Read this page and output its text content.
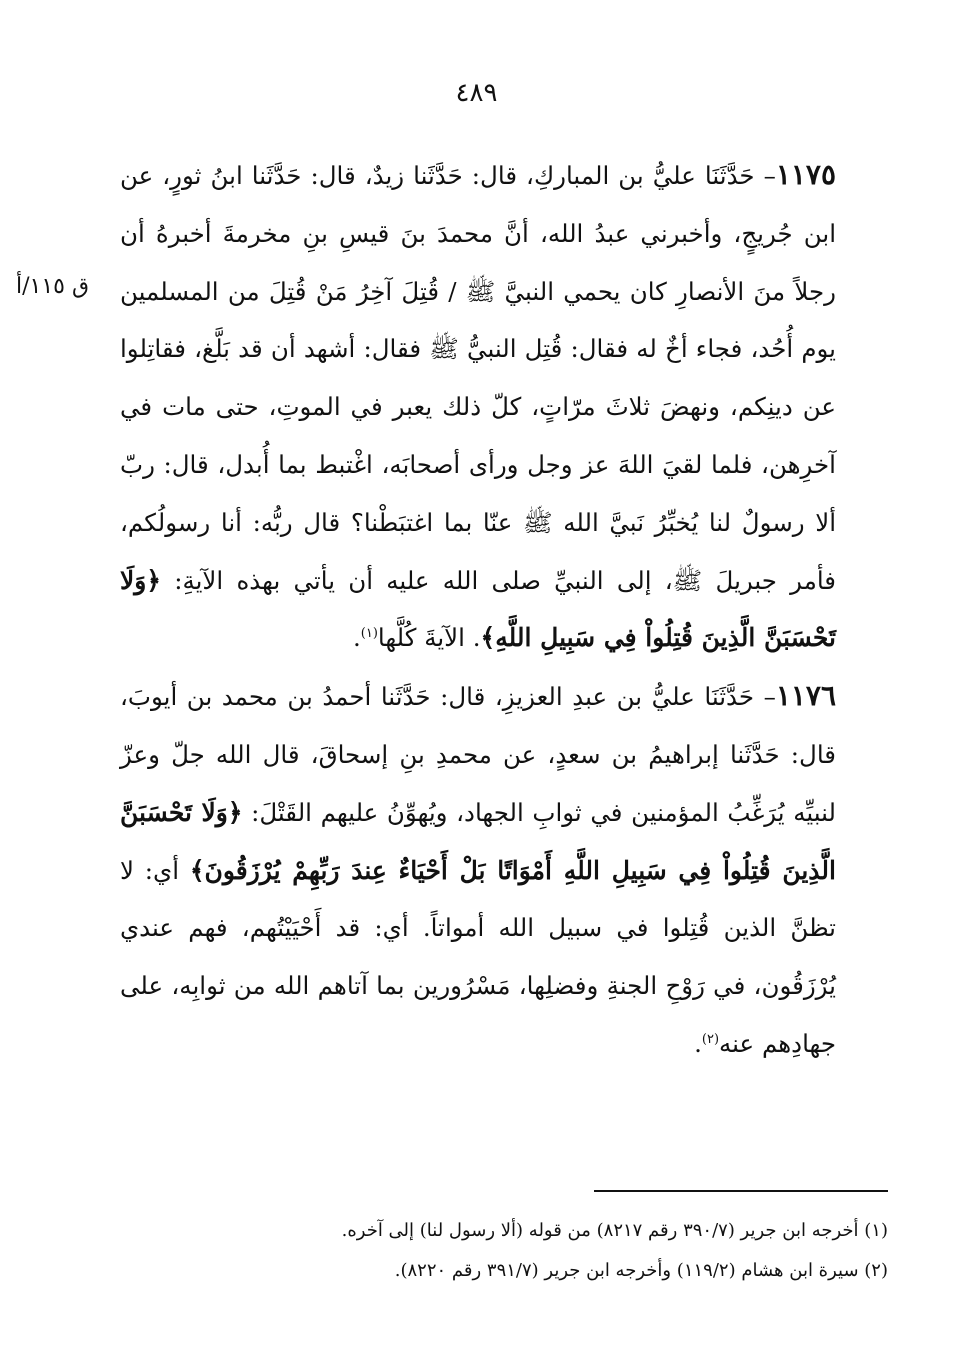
٤٨٩
ق ١١٥/أ

١١٧٥– حَدَّثَنَا عليُّ بن المباركِ، قال: حَدَّثَنا زيدٌ، قال: حَدَّثَنا ابنُ ثورٍ، عن ابن جُريجٍ، وأخبرني عبدُ الله، أنَّ محمدَ بنَ قيسِ بنِ مخرمةَ أخبرهُ أن رجلاً منَ الأنصارِ كان يحمي النبيَّ ﷺ / قُتِلَ آخِرُ مَنْ قُتِلَ من المسلمين يوم أُحُد، فجاء أخٌ له فقال: قُتِل النبيُّ ﷺ فقال: أشهد أن قد بَلَّغ، فقاتِلوا عن دينِكم، ونهضَ ثلاثَ مرّاتٍ، كلّ ذلك يعبر في الموتِ، حتى مات في آخرِهن، فلما لقيَ اللهَ عز وجل ورأى أصحابَه، اغْتبط بما أُبدل، قال: ربّ ألا رسولٌ لنا يُخبِّرُ نَبيَّ الله ﷺ عنّا بما اغتبَطْنا؟ قال ربُّه: أنا رسولُكم، فأمر جبريلَ ﷺ، إلى النبيِّ صلى الله عليه أن يأتي بهذه الآيةِ: ﴿وَلَا تَحْسَبَنَّ الَّذِينَ قُتِلُواْ فِي سَبِيلِ اللَّهِ﴾. الآيةَ كُلَّها$^{(١)}$.

١١٧٦– حَدَّثَنَا عليُّ بن عبدِ العزيزِ، قال: حَدَّثَنا أحمدُ بن محمد بن أيوبَ، قال: حَدَّثَنا إبراهيمُ بن سعدٍ، عن محمدِ بنِ إسحاقَ، قال الله جلّ وعزّ لنبيِّه يُرَغِّبُ المؤمنين في ثوابِ الجهاد، ويُهوِّنُ عليهم القَتْلَ: ﴿وَلَا تَحْسَبَنَّ الَّذِينَ قُتِلُواْ فِي سَبِيلِ اللَّهِ أَمْوَاتًا بَلْ أَحْيَاءٌ عِندَ رَبِّهِمْ يُرْزَقُونَ﴾ أي: لا تظنَّ الذين قُتِلوا في سبيل الله أمواتاً. أي: قد أَحْيَيْتُهم، فهم عندي يُرْزَقُون، في رَوْحِ الجنةِ وفضلِها، مَسْرُورين بما آتاهم الله من ثوابِه، على جهادِهم عنه$^{(٢)}$.

(١) أخرجه ابن جرير (٣٩٠/٧ رقم ٨٢١٧) من قوله (ألا رسول لنا) إلى آخره.

(٢) سيرة ابن هشام (١١٩/٢) وأخرجه ابن جرير (٣٩١/٧ رقم ٨٢٢٠).
